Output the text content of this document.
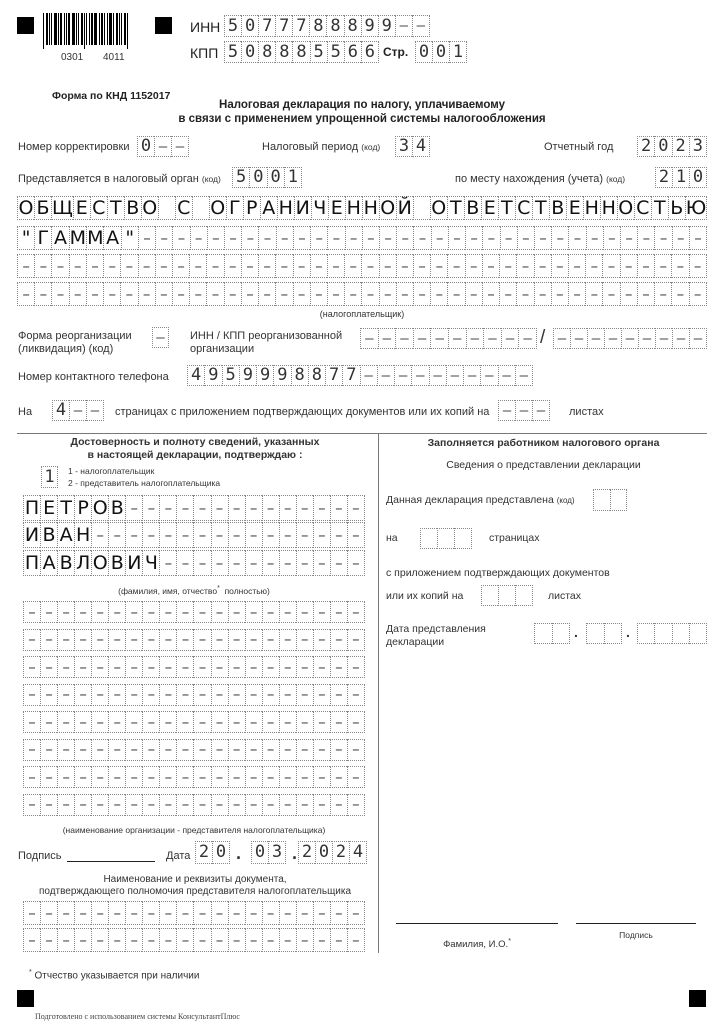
0301 4011
ИНН 5 0 7 7 7 8 8 8 9 9 – –
КПП 5 0 8 8 8 5 5 6 6 Стр. 0 0 1
Форма по КНД 1152017
Налоговая декларация по налогу, уплачиваемому
в связи с применением упрощенной системы налогообложения
Номер корректировки 0 – –	Налоговый период (код) 3 4	Отчетный год 2 0 2 3
Представляется в налоговый орган (код) 5 0 0 1	по месту нахождения (учета) (код) 2 1 0
О Б Щ Е С Т В О С О Г Р А Н И Ч Е Н Н О Й О Т В Е Т С Т В Е Н Н О С Т Ь Ю
" Г А М М А " – – – – – – – – – – – – – – – – – – – – – – – – – – – – – – – – –
– – – – – – – – – – – – – – – – – – – – – – – – – – – – – – – – – – – – – – – –
– – – – – – – – – – – – – – – – – – – – – – – – – – – – – – – – – – – – – – – –
(налогоплательщик)
Форма реорганизации
(ликвидация) (код)
–	ИНН / КПП реорганизованной
организации
– – – – – – – – – – / – – – – – – – – –
Номер контактного телефона 4 9 5 9 9 9 8 8 7 7 – – – – – – – – – –
На 4 – –	страницах с приложением подтверждающих документов или их копий на – – –	листах
Достоверность и полноту сведений, указанных
в настоящей декларации, подтверждаю :
1	1 - налогоплательщик
2 - представитель налогоплательщика
П Е Т Р О В – – – – – – – – – – – – – –
И В А Н – – – – – – – – – – – – – – – –
П А В Л О В И Ч – – – – – – – – – – – –
(фамилия, имя, отчество* полностью)
– – – – – – – – – – – – – – – – – – – –
– – – – – – – – – – – – – – – – – – – –
– – – – – – – – – – – – – – – – – – – –
– – – – – – – – – – – – – – – – – – – –
– – – – – – – – – – – – – – – – – – – –
– – – – – – – – – – – – – – – – – – – –
– – – – – – – – – – – – – – – – – – – –
– – – – – – – – – – – – – – – – – – – –
(наименование организации - представителя налогоплательщика)
Подпись	Дата 2 0 . 0 3 . 2 0 2 4
Наименование и реквизиты документа,
подтверждающего полномочия представителя налогоплательщика
– – – – – – – – – – – – – – – – – – – –
– – – – – – – – – – – – – – – – – – – –
Заполняется работником налогового органа
Сведения о представлении декларации
Данная декларация представлена (код)
на	страницах
с приложением подтверждающих документов
или их копий на	листах
Дата представления
декларации
.	.
Фамилия, И.О.*
Подпись
* Отчество указывается при наличии
Подготовлено с использованием системы КонсультантПлюс
